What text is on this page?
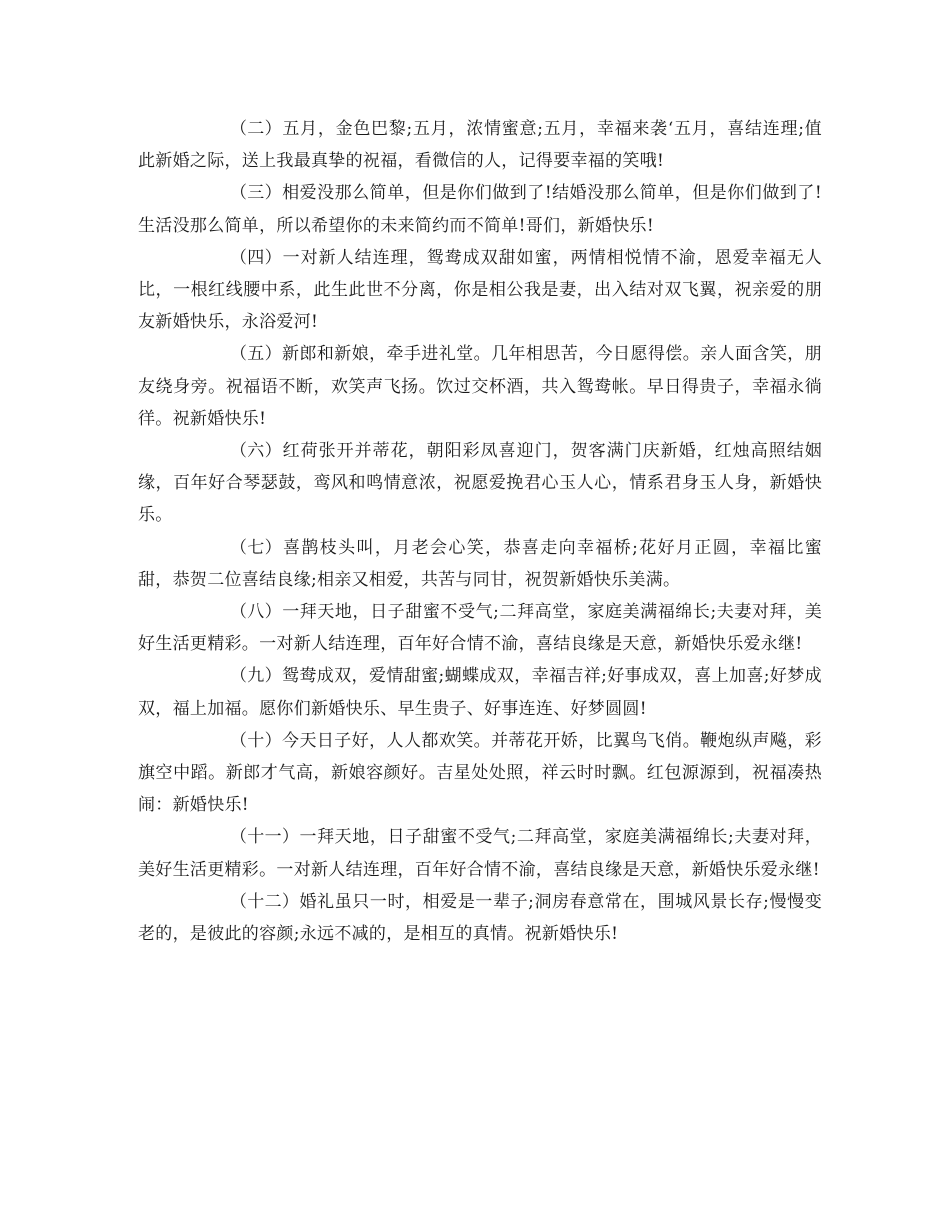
（二）五月，金色巴黎;五月，浓情蜜意;五月，幸福来袭‘五月，喜结连理;值此新婚之际，送上我最真挚的祝福，看微信的人，记得要幸福的笑哦!

（三）相爱没那么简单，但是你们做到了!结婚没那么简单，但是你们做到了!生活没那么简单，所以希望你的未来简约而不简单!哥们，新婚快乐!

（四）一对新人结连理，鸳鸯成双甜如蜜，两情相悦情不渝，恩爱幸福无人比，一根红线腰中系，此生此世不分离，你是相公我是妻，出入结对双飞翼，祝亲爱的朋友新婚快乐，永浴爱河!

（五）新郎和新娘，牵手进礼堂。几年相思苦，今日愿得偿。亲人面含笑，朋友绕身旁。祝福语不断，欢笑声飞扬。饮过交杯酒，共入鸳鸯帐。早日得贵子，幸福永徜徉。祝新婚快乐!

（六）红荷张开并蒂花，朝阳彩凤喜迎门，贺客满门庆新婚，红烛高照结姻缘，百年好合琴瑟鼓，鸾风和鸣情意浓，祝愿爱挽君心玉人心，情系君身玉人身，新婚快乐。

（七）喜鹊枝头叫，月老会心笑，恭喜走向幸福桥;花好月正圆，幸福比蜜甜，恭贺二位喜结良缘;相亲又相爱，共苦与同甘，祝贺新婚快乐美满。

（八）一拜天地，日子甜蜜不受气;二拜高堂，家庭美满福绵长;夫妻对拜，美好生活更精彩。一对新人结连理，百年好合情不渝，喜结良缘是天意，新婚快乐爱永继!

（九）鸳鸯成双，爱情甜蜜;蝴蝶成双，幸福吉祥;好事成双，喜上加喜;好梦成双，福上加福。愿你们新婚快乐、早生贵子、好事连连、好梦圆圆!

（十）今天日子好，人人都欢笑。并蒂花开娇，比翼鸟飞俏。鞭炮纵声飚，彩旗空中蹈。新郎才气高，新娘容颜好。吉星处处照，祥云时时飘。红包源源到，祝福凑热闹：新婚快乐!

（十一）一拜天地，日子甜蜜不受气;二拜高堂，家庭美满福绵长;夫妻对拜，美好生活更精彩。一对新人结连理，百年好合情不渝，喜结良缘是天意，新婚快乐爱永继!

（十二）婚礼虽只一时，相爱是一辈子;洞房春意常在，围城风景长存;慢慢变老的，是彼此的容颜;永远不减的，是相互的真情。祝新婚快乐!
